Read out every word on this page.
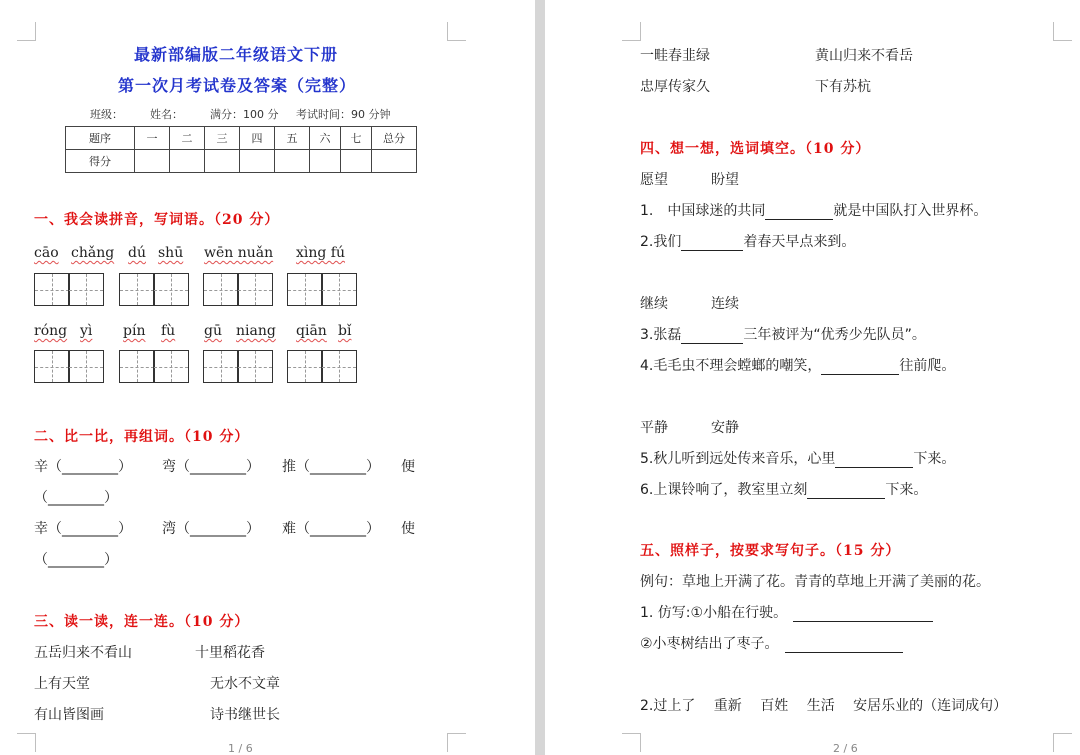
最新部编版二年级语文下册
第一次月考试卷及答案（完整）
班级： 姓名： 满分：100 分 考试时间：90 分钟
题序	一	二	三	四	五	六	七	总分
得分								
一、我会读拼音，写词语。（20 分）
cāo chǎng dú shū wēn nuǎn xìng fú
róng yì pín fù gū niang qiān bǐ
二、比一比，再组词。（10 分）
辛（________） 弯（________） 推（________） 便
（________）
幸（________） 湾（________） 难（________） 使
（________）
三、读一读，连一连。（10 分）
五岳归来不看山	十里稻花香
上有天堂	无水不文章
有山皆图画	诗书继世长
1 / 6
一畦春韭绿	黄山归来不看岳
忠厚传家久	下有苏杭
四、想一想，选词填空。（10 分）
愿望	盼望
1.　中国球迷的共同	就是中国队打入世界杯。
2.我们	着春天早点来到。
继续	连续
3.张磊	三年被评为“优秀少先队员”。
4.毛毛虫不理会螳螂的嘲笑，	往前爬。
平静	安静
5.秋儿听到远处传来音乐，心里	下来。
6.上课铃响了，教室里立刻	下来。
五、照样子，按要求写句子。（15 分）
例句：草地上开满了花。青青的草地上开满了美丽的花。
1. 仿写:①小船在行驶。
②小枣树结出了枣子。
2.过上了　 重新　 百姓　 生活　 安居乐业的（连词成句）
2 / 6
